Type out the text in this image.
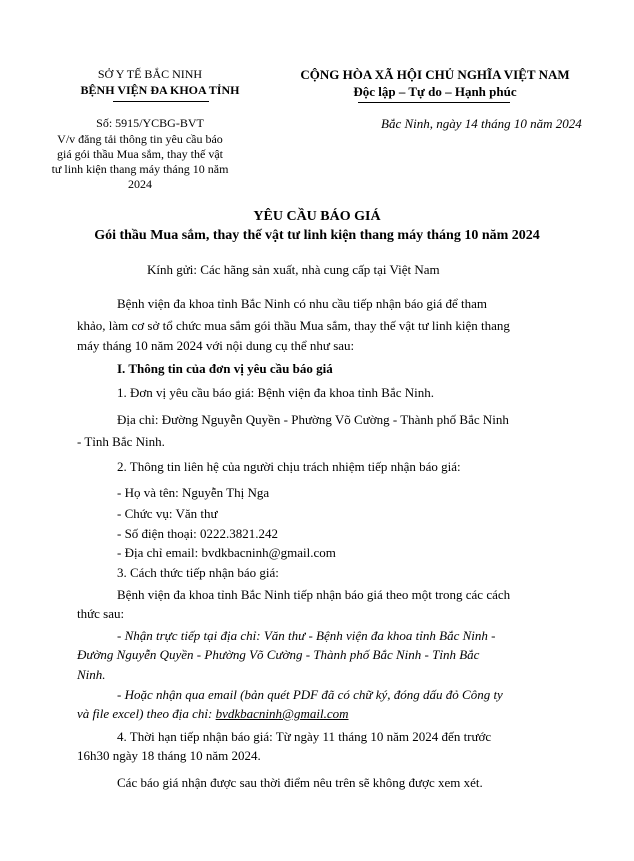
SỞ Y TẾ BẮC NINH
BỆNH VIỆN ĐA KHOA TỈNH
Số: 5915/YCBG-BVT
V/v đăng tải thông tin yêu cầu báo
giá gói thầu Mua sắm, thay thế vật
tư linh kiện thang máy tháng 10 năm
2024
CỘNG HÒA XÃ HỘI CHỦ NGHĨA VIỆT NAM
Độc lập – Tự do – Hạnh phúc
Bắc Ninh, ngày 14 tháng 10 năm 2024
YÊU CẦU BÁO GIÁ
Gói thầu Mua sắm, thay thế vật tư linh kiện thang máy tháng 10 năm 2024
Kính gửi: Các hãng sản xuất, nhà cung cấp tại Việt Nam
Bệnh viện đa khoa tỉnh Bắc Ninh có nhu cầu tiếp nhận báo giá để tham
khảo, làm cơ sở tổ chức mua sắm gói thầu Mua sắm, thay thế vật tư linh kiện thang
máy tháng 10 năm 2024 với nội dung cụ thể như sau:
I. Thông tin của đơn vị yêu cầu báo giá
1. Đơn vị yêu cầu báo giá: Bệnh viện đa khoa tỉnh Bắc Ninh.
Địa chỉ: Đường Nguyễn Quyền - Phường Võ Cường - Thành phố Bắc Ninh
- Tỉnh Bắc Ninh.
2. Thông tin liên hệ của người chịu trách nhiệm tiếp nhận báo giá:
- Họ và tên: Nguyễn Thị Nga
- Chức vụ: Văn thư
- Số điện thoại: 0222.3821.242
- Địa chỉ email: bvdkbacninh@gmail.com
3. Cách thức tiếp nhận báo giá:
Bệnh viện đa khoa tỉnh Bắc Ninh tiếp nhận báo giá theo một trong các cách
thức sau:
- Nhận trực tiếp tại địa chỉ: Văn thư - Bệnh viện đa khoa tỉnh Bắc Ninh -
Đường Nguyễn Quyền - Phường Võ Cường - Thành phố Bắc Ninh - Tỉnh Bắc
Ninh.
- Hoặc nhận qua email (bản quét PDF đã có chữ ký, đóng dấu đỏ Công ty
và file excel) theo địa chỉ: bvdkbacninh@gmail.com
4. Thời hạn tiếp nhận báo giá: Từ ngày 11 tháng 10 năm 2024 đến trước
16h30 ngày 18 tháng 10 năm 2024.
Các báo giá nhận được sau thời điểm nêu trên sẽ không được xem xét.
